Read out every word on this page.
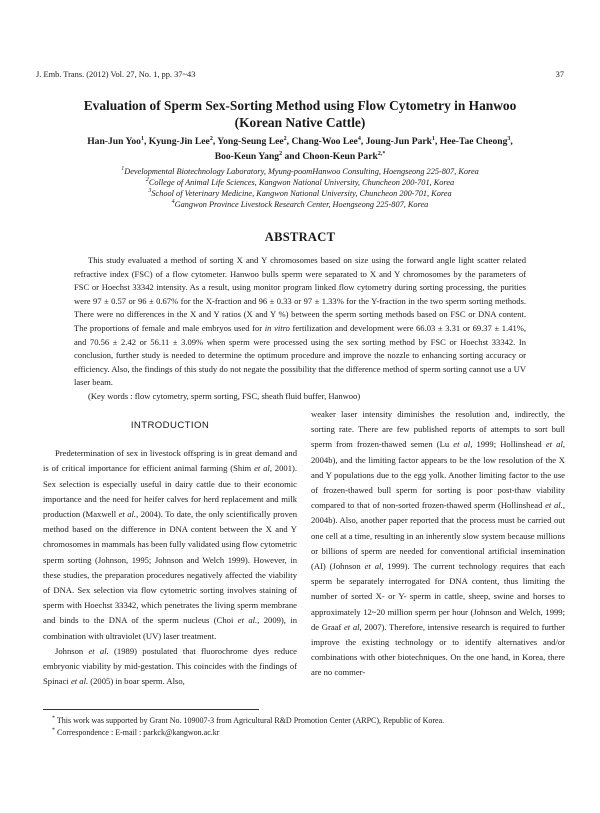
J. Emb. Trans. (2012) Vol. 27, No. 1, pp. 37~43	37
Evaluation of Sperm Sex-Sorting Method using Flow Cytometry in Hanwoo
(Korean Native Cattle)
Han-Jun Yoo$^1$, Kyung-Jin Lee$^2$, Yong-Seung Lee$^2$, Chang-Woo Lee$^4$, Joung-Jun Park$^1$, Hee-Tae Cheong$^3$,
Boo-Keun Yang$^2$ and Choon-Keun Park$^{2,*}$
$^1$Developmental Biotechnology Laboratory, Myung-poomHanwoo Consulting, Hoengseong 225-807, Korea
$^2$College of Animal Life Sciences, Kangwon National University, Chuncheon 200-701, Korea
$^3$School of Veterinary Medicine, Kangwon National University, Chuncheon 200-701, Korea
$^4$Gangwon Province Livestock Research Center, Hoengseong 225-807, Korea
ABSTRACT

This study evaluated a method of sorting X and Y chromosomes based on size using the forward angle light scatter related refractive index (FSC) of a flow cytometer. Hanwoo bulls sperm were separated to X and Y chromosomes by the parameters of FSC or Hoechst 33342 intensity. As a result, using monitor program linked flow cytometry during sorting processing, the purities were 97 ± 0.57 or 96 ± 0.67% for the X-fraction and 96 ± 0.33 or 97 ± 1.33% for the Y-fraction in the two sperm sorting methods. There were no differences in the X and Y ratios (X and Y %) between the sperm sorting methods based on FSC or DNA content. The proportions of female and male embryos used for in vitro fertilization and development were 66.03 ± 3.31 or 69.37 ± 1.41%, and 70.56 ± 2.42 or 56.11 ± 3.09% when sperm were processed using the sex sorting method by FSC or Hoechst 33342. In conclusion, further study is needed to determine the optimum procedure and improve the nozzle to enhancing sorting accuracy or efficiency. Also, the findings of this study do not negate the possibility that the difference method of sperm sorting cannot use a UV laser beam.

(Key words : flow cytometry, sperm sorting, FSC, sheath fluid buffer, Hanwoo)

INTRODUCTION

Predetermination of sex in livestock offspring is in great demand and is of critical importance for efficient animal farming (Shim et al, 2001). Sex selection is especially useful in dairy cattle due to their economic importance and the need for heifer calves for herd replacement and milk production (Maxwell et al., 2004). To date, the only scientifically proven method based on the difference in DNA content between the X and Y chromosomes in mammals has been fully validated using flow cytometric sperm sorting (Johnson, 1995; Johnson and Welch 1999). However, in these studies, the preparation procedures negatively affected the viability of DNA. Sex selection via flow cytometric sorting involves staining of sperm with Hoechst 33342, which penetrates the living sperm membrane and binds to the DNA of the sperm nucleus (Choi et al., 2009), in combination with ultraviolet (UV) laser treatment.

Johnson et al. (1989) postulated that fluorochrome dyes reduce embryonic viability by mid-gestation. This coincides with the findings of Spinaci et al. (2005) in boar sperm. Also,

weaker laser intensity diminishes the resolution and, indirectly, the sorting rate. There are few published reports of attempts to sort bull sperm from frozen-thawed semen (Lu et al, 1999; Hollinshead et al, 2004b), and the limiting factor appears to be the low resolution of the X and Y populations due to the egg yolk. Another limiting factor to the use of frozen-thawed bull sperm for sorting is poor post-thaw viability compared to that of non-sorted frozen-thawed sperm (Hollinshead et al., 2004b). Also, another paper reported that the process must be carried out one cell at a time, resulting in an inherently slow system because millions or billions of sperm are needed for conventional artificial insemination (AI) (Johnson et al, 1999). The current technology requires that each sperm be separately interrogated for DNA content, thus limiting the number of sorted X- or Y- sperm in cattle, sheep, swine and horses to approximately 12~20 million sperm per hour (Johnson and Welch, 1999; de Graaf et al, 2007). Therefore, intensive research is required to further improve the existing technology or to identify alternatives and/or combinations with other biotechniques. On the one hand, in Korea, there are no commer-

* This work was supported by Grant No. 109007-3 from Agricultural R&D Promotion Center (ARPC), Republic of Korea.
* Correspondence : E-mail : parkck@kangwon.ac.kr
